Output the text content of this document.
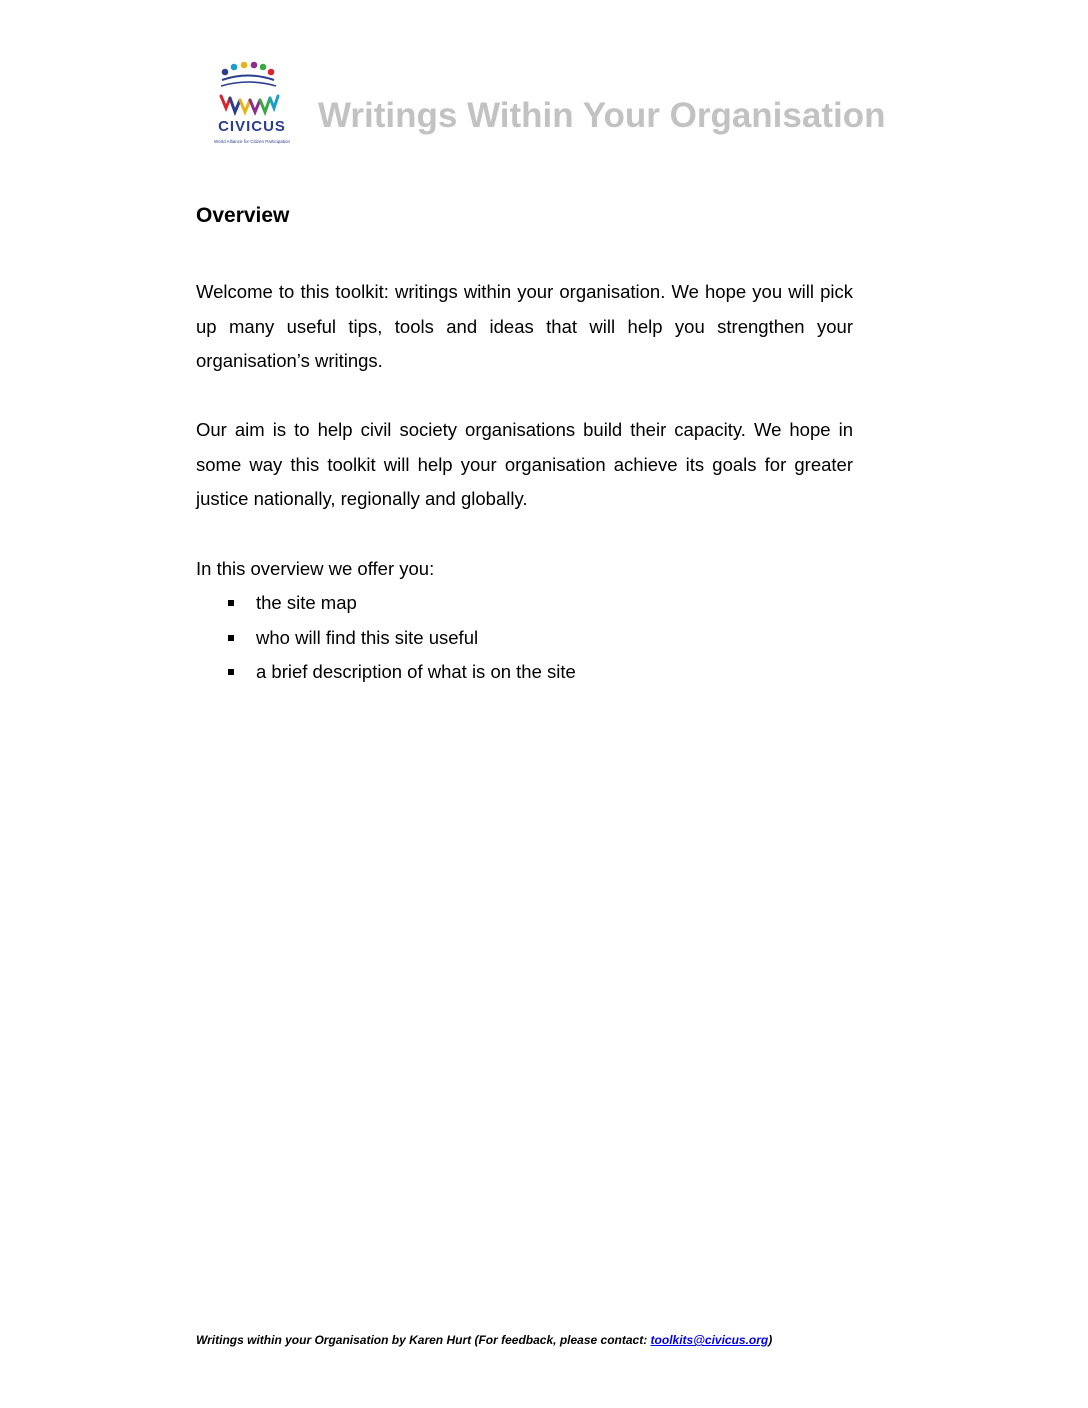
CIVICUS
World Alliance for Citizen Participation
Writings Within Your Organisation
Overview

Welcome to this toolkit: writings within your organisation. We hope you will pick up many useful tips, tools and ideas that will help you strengthen your organisation’s writings.

Our aim is to help civil society organisations build their capacity. We hope in some way this toolkit will help your organisation achieve its goals for greater justice nationally, regionally and globally.

In this overview we offer you:

the site map
who will find this site useful
a brief description of what is on the site
Writings within your Organisation by Karen Hurt (For feedback, please contact: toolkits@civicus.org)
